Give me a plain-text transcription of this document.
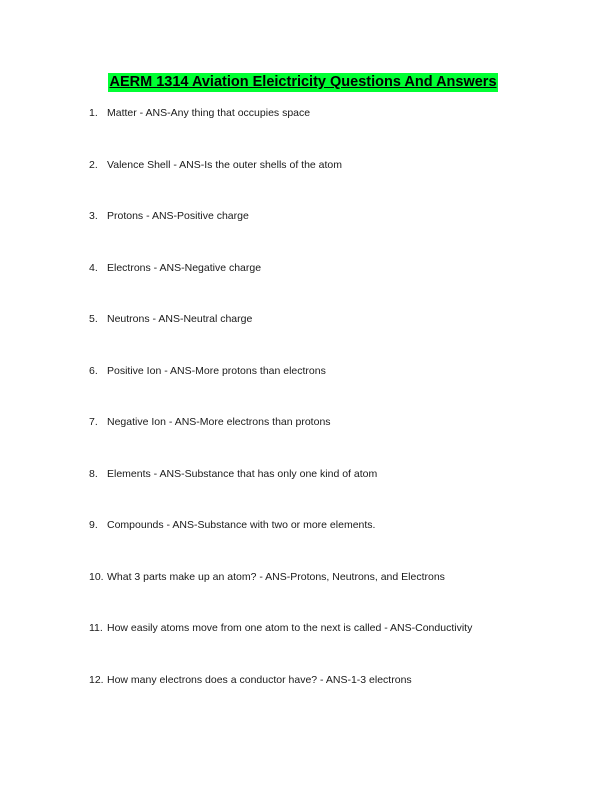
AERM 1314 Aviation Eleictricity Questions And Answers
1. Matter - ANS-Any thing that occupies space
2. Valence Shell - ANS-Is the outer shells of the atom
3. Protons - ANS-Positive charge
4. Electrons - ANS-Negative charge
5. Neutrons - ANS-Neutral charge
6. Positive Ion - ANS-More protons than electrons
7. Negative Ion - ANS-More electrons than protons
8. Elements - ANS-Substance that has only one kind of atom
9. Compounds - ANS-Substance with two or more elements.
10. What 3 parts make up an atom? - ANS-Protons, Neutrons, and Electrons
11. How easily atoms move from one atom to the next is called - ANS-Conductivity
12. How many electrons does a conductor have? - ANS-1-3 electrons
